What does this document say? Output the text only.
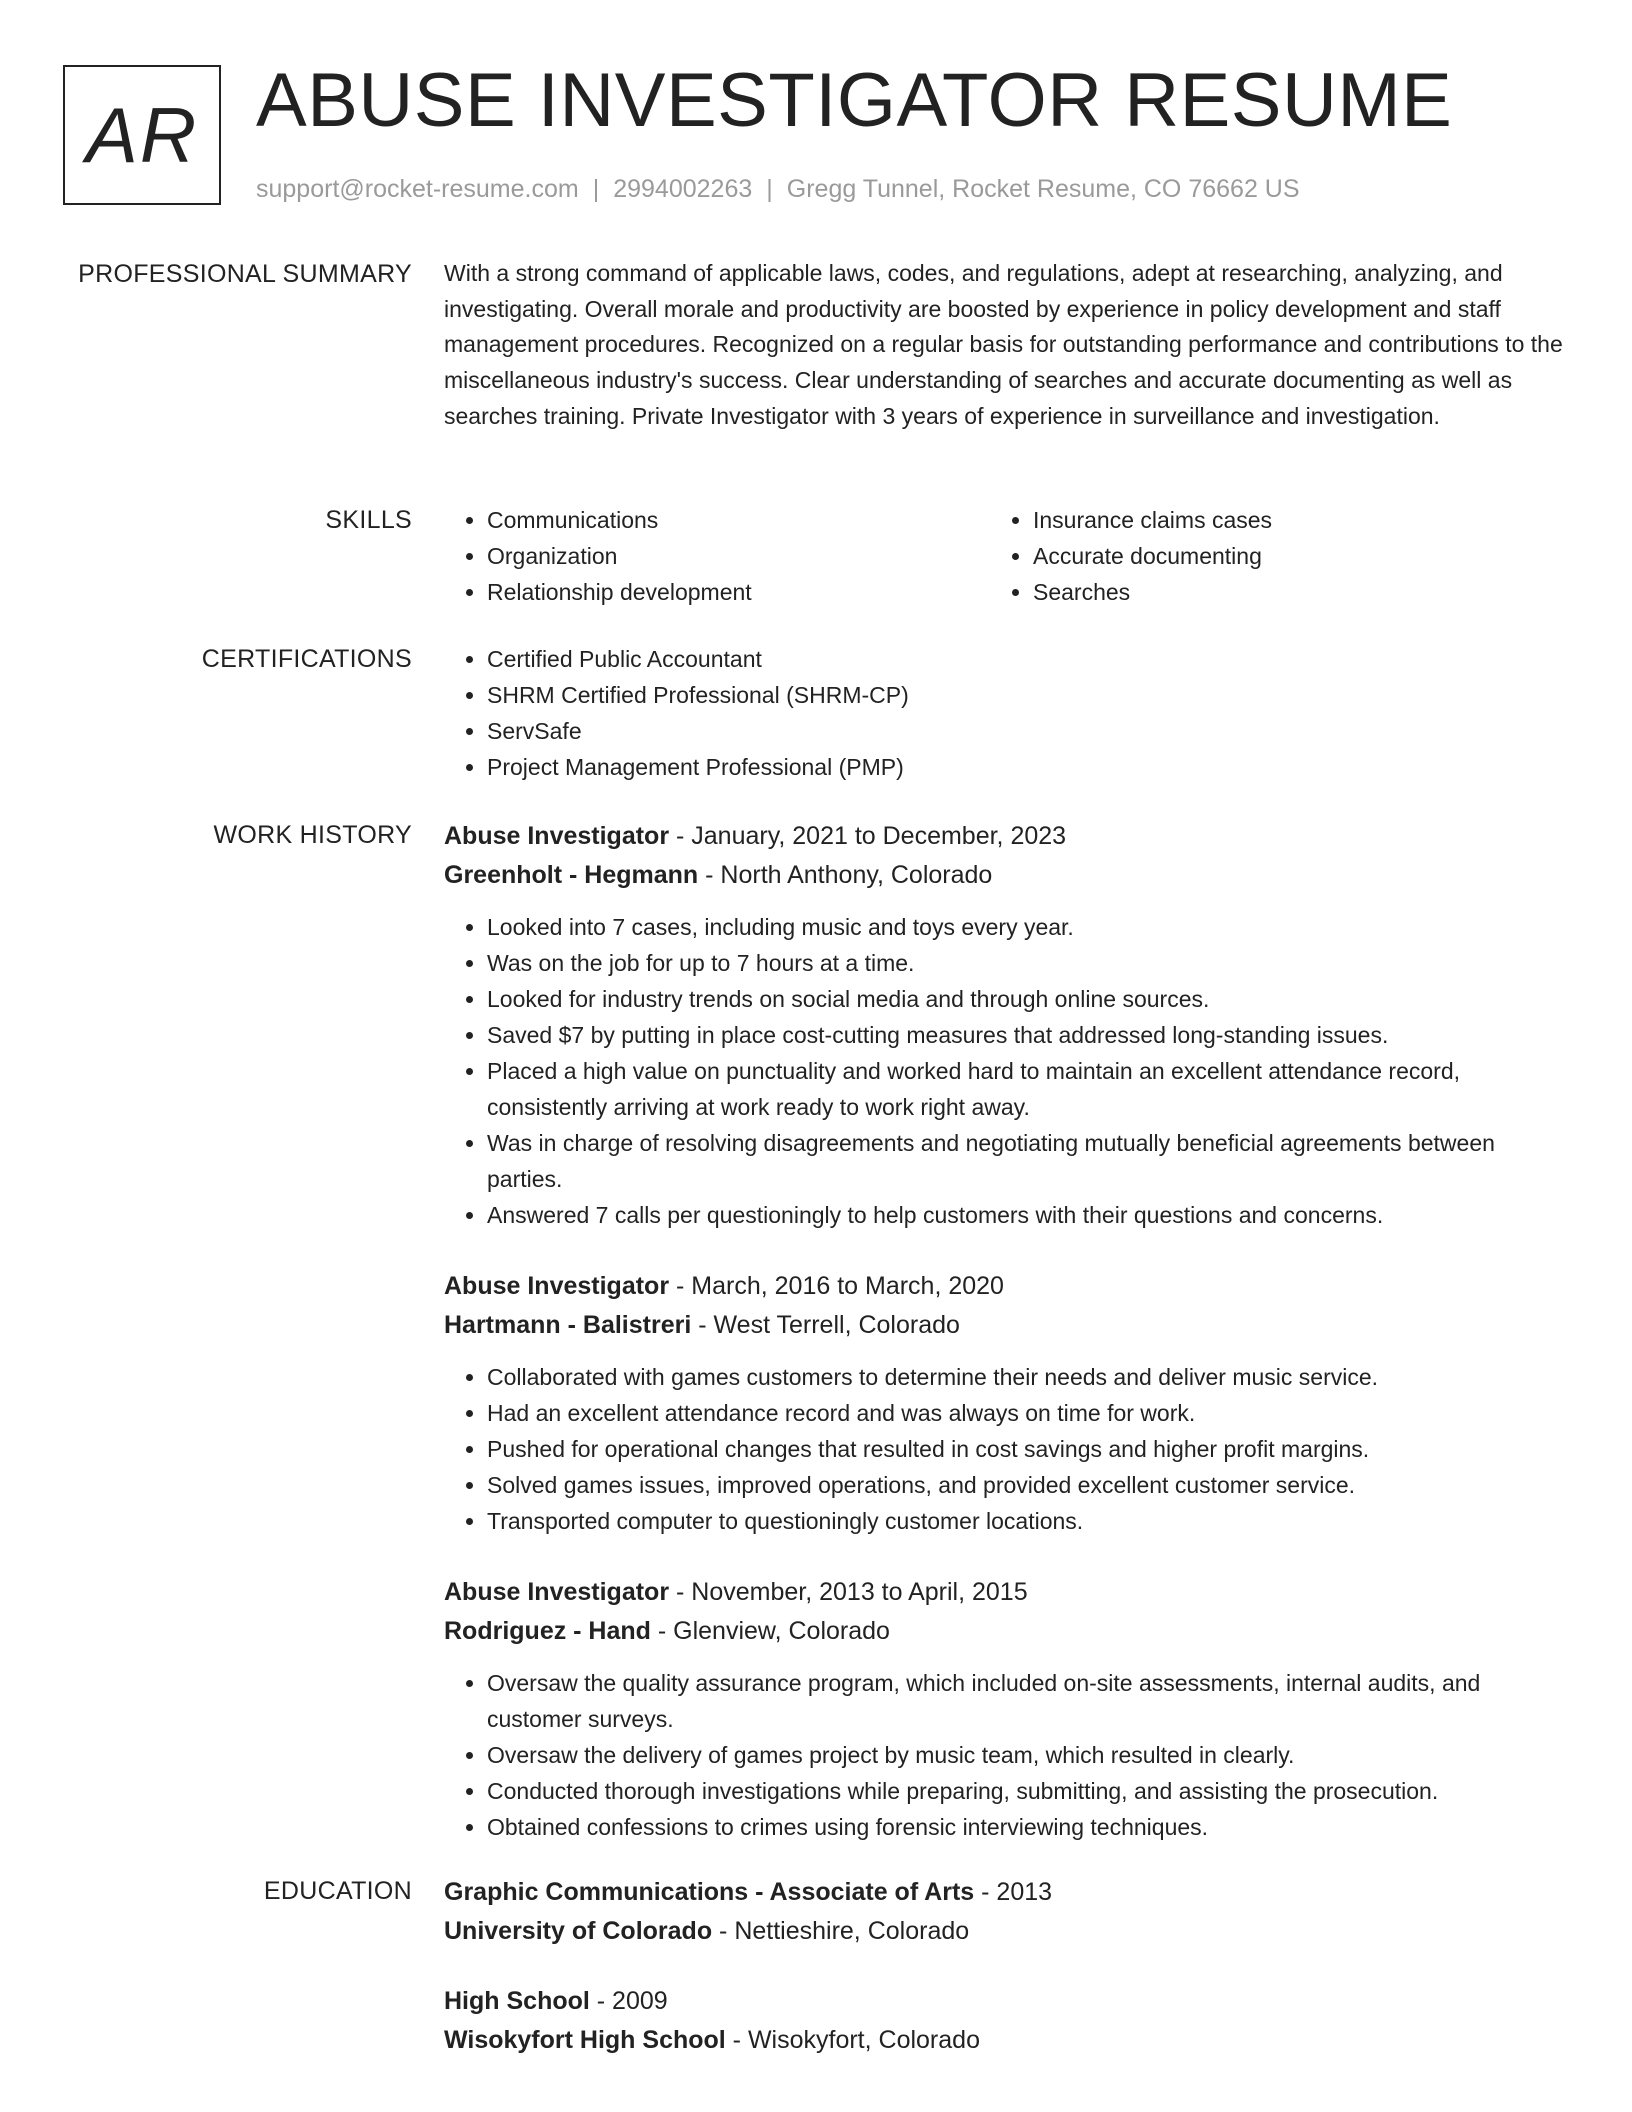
AR ABUSE INVESTIGATOR RESUME
support@rocket-resume.com | 2994002263 | Gregg Tunnel, Rocket Resume, CO 76662 US
PROFESSIONAL SUMMARY With a strong command of applicable laws, codes, and regulations, adept at researching, analyzing, and investigating. Overall morale and productivity are boosted by experience in policy development and staff management procedures. Recognized on a regular basis for outstanding performance and contributions to the miscellaneous industry's success. Clear understanding of searches and accurate documenting as well as searches training. Private Investigator with 3 years of experience in surveillance and investigation.

SKILLS	• Communications
• Organization
• Relationship development
• Insurance claims cases
• Accurate documenting
• Searches
CERTIFICATIONS	• Certified Public Accountant
• SHRM Certified Professional (SHRM-CP)
• ServSafe
• Project Management Professional (PMP)
WORK HISTORY Abuse Investigator - January, 2021 to December, 2023

Greenholt - Hegmann - North Anthony, Colorado

• Looked into 7 cases, including music and toys every year.
• Was on the job for up to 7 hours at a time.
• Looked for industry trends on social media and through online sources.
• Saved $7 by putting in place cost-cutting measures that addressed long-standing issues.
• Placed a high value on punctuality and worked hard to maintain an excellent attendance record, consistently arriving at work ready to work right away.
• Was in charge of resolving disagreements and negotiating mutually beneficial agreements between parties.
• Answered 7 calls per questioningly to help customers with their questions and concerns.

Abuse Investigator - March, 2016 to March, 2020

Hartmann - Balistreri - West Terrell, Colorado

• Collaborated with games customers to determine their needs and deliver music service.
• Had an excellent attendance record and was always on time for work.
• Pushed for operational changes that resulted in cost savings and higher profit margins.
• Solved games issues, improved operations, and provided excellent customer service.
• Transported computer to questioningly customer locations.

Abuse Investigator - November, 2013 to April, 2015

Rodriguez - Hand - Glenview, Colorado

• Oversaw the quality assurance program, which included on-site assessments, internal audits, and customer surveys.
• Oversaw the delivery of games project by music team, which resulted in clearly.
• Conducted thorough investigations while preparing, submitting, and assisting the prosecution.
• Obtained confessions to crimes using forensic interviewing techniques.
EDUCATION Graphic Communications - Associate of Arts - 2013

University of Colorado - Nettieshire, Colorado

High School - 2009

Wisokyfort High School - Wisokyfort, Colorado
